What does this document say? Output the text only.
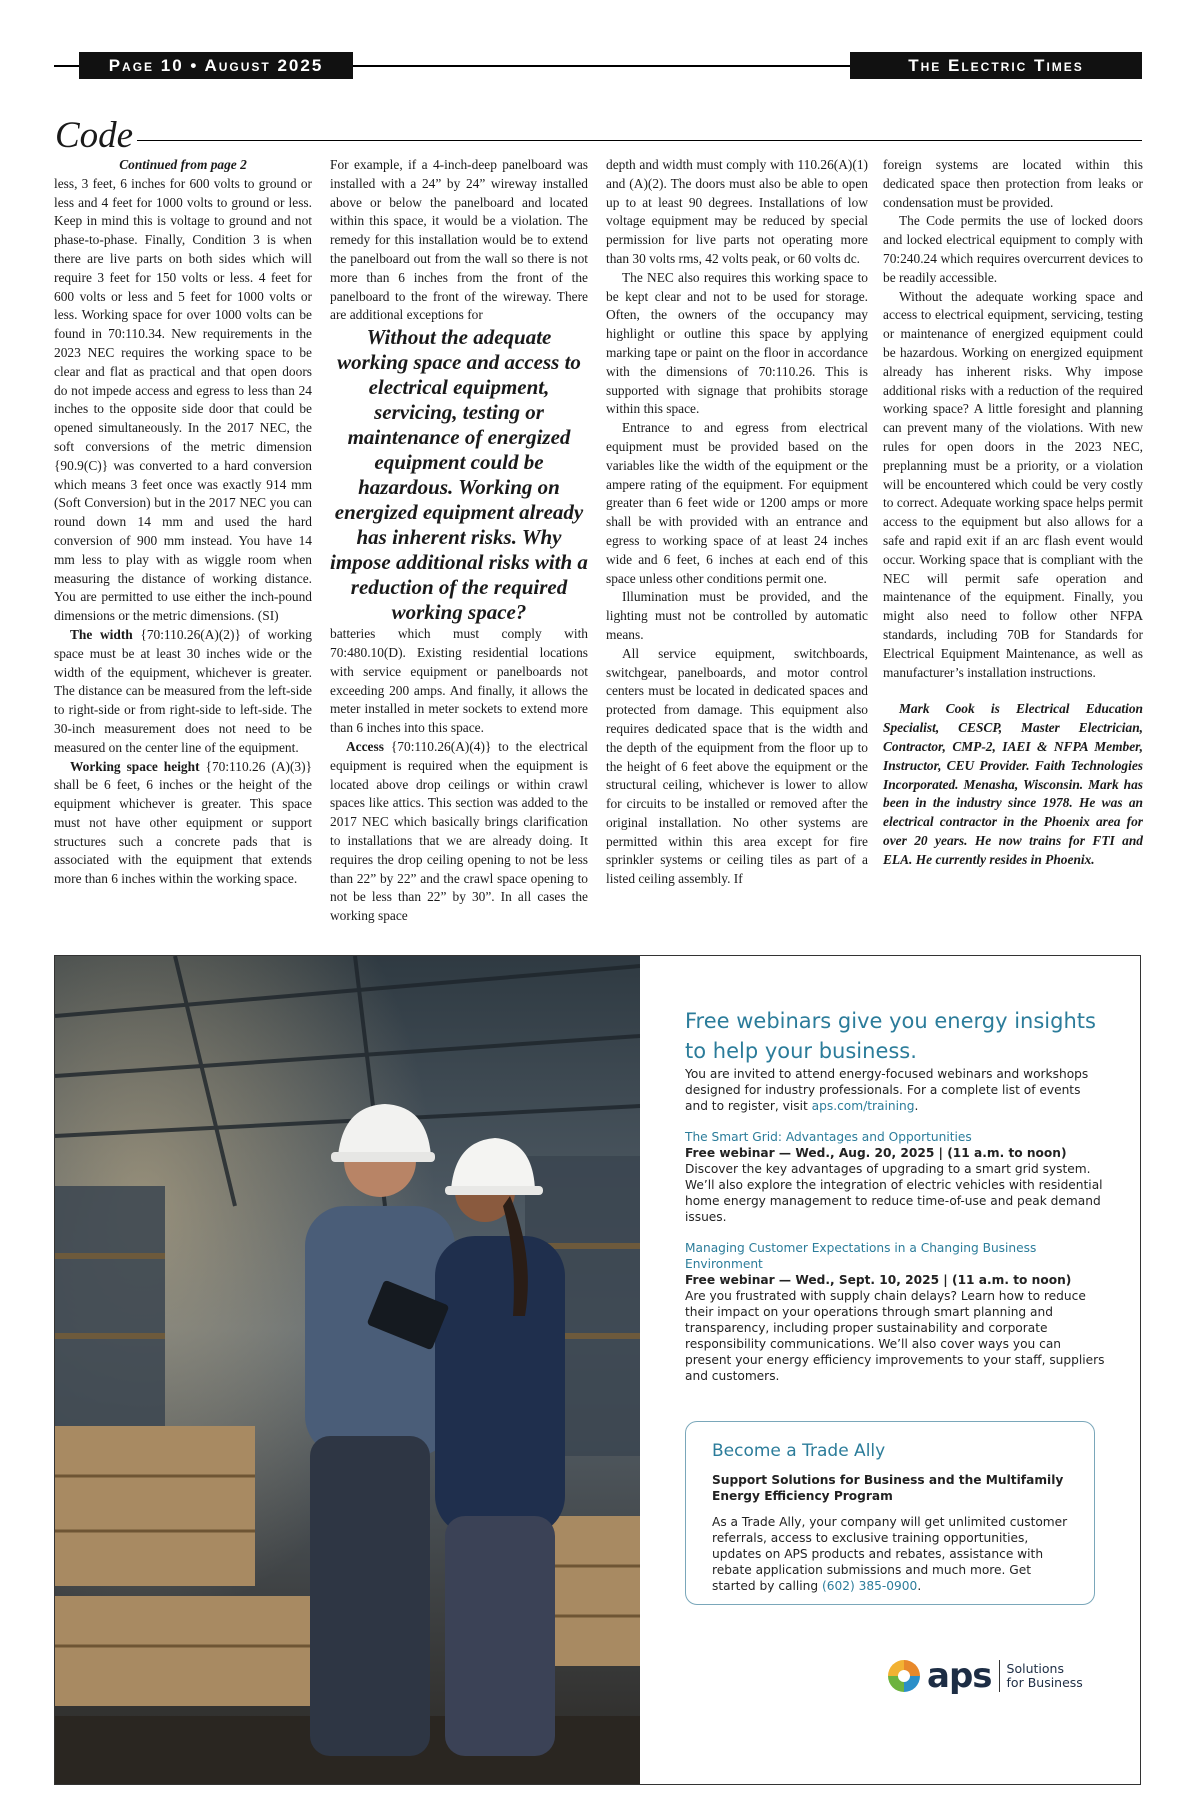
Page 10 • August 2025	The Electric Times
Code

Continued from page 2

less, 3 feet, 6 inches for 600 volts to ground or less and 4 feet for 1000 volts to ground or less. Keep in mind this is voltage to ground and not phase-to-phase. Finally, Condition 3 is when there are live parts on both sides which will require 3 feet for 150 volts or less. 4 feet for 600 volts or less and 5 feet for 1000 volts or less. Working space for over 1000 volts can be found in 70:110.34. New requirements in the 2023 NEC requires the working space to be clear and flat as practical and that open doors do not impede access and egress to less than 24 inches to the opposite side door that could be opened simultaneously. In the 2017 NEC, the soft conversions of the metric dimension {90.9(C)} was converted to a hard conversion which means 3 feet once was exactly 914 mm (Soft Conversion) but in the 2017 NEC you can round down 14 mm and used the hard conversion of 900 mm instead. You have 14 mm less to play with as wiggle room when measuring the distance of working distance. You are permitted to use either the inch-pound dimensions or the metric dimensions. (SI)

The width {70:110.26(A)(2)} of working space must be at least 30 inches wide or the width of the equipment, whichever is greater. The distance can be measured from the left-side to right-side or from right-side to left-side. The 30-inch measurement does not need to be measured on the center line of the equipment.

Working space height {70:110.26 (A)(3)} shall be 6 feet, 6 inches or the height of the equipment whichever is greater. This space must not have other equipment or support structures such a concrete pads that is associated with the equipment that extends more than 6 inches within the working space.

For example, if a 4-inch-deep panelboard was installed with a 24” by 24” wireway installed above or below the panelboard and located within this space, it would be a violation. The remedy for this installation would be to extend the panelboard out from the wall so there is not more than 6 inches from the front of the panelboard to the front of the wireway. There are additional exceptions for

Without the adequate working space and access to electrical equipment, servicing, testing or maintenance of energized equipment could be hazardous. Working on energized equipment already has inherent risks. Why impose additional risks with a reduction of the required working space?

batteries which must comply with 70:480.10(D). Existing residential locations with service equipment or panelboards not exceeding 200 amps. And finally, it allows the meter installed in meter sockets to extend more than 6 inches into this space.

Access {70:110.26(A)(4)} to the electrical equipment is required when the equipment is located above drop ceilings or within crawl spaces like attics. This section was added to the 2017 NEC which basically brings clarification to installations that we are already doing. It requires the drop ceiling opening to not be less than 22” by 22” and the crawl space opening to not be less than 22” by 30”. In all cases the working space

depth and width must comply with 110.26(A)(1) and (A)(2). The doors must also be able to open up to at least 90 degrees. Installations of low voltage equipment may be reduced by special permission for live parts not operating more than 30 volts rms, 42 volts peak, or 60 volts dc.

The NEC also requires this working space to be kept clear and not to be used for storage. Often, the owners of the occupancy may highlight or outline this space by applying marking tape or paint on the floor in accordance with the dimensions of 70:110.26. This is supported with signage that prohibits storage within this space.

Entrance to and egress from electrical equipment must be provided based on the variables like the width of the equipment or the ampere rating of the equipment. For equipment greater than 6 feet wide or 1200 amps or more shall be with provided with an entrance and egress to working space of at least 24 inches wide and 6 feet, 6 inches at each end of this space unless other conditions permit one.

Illumination must be provided, and the lighting must not be controlled by automatic means.

All service equipment, switchboards, switchgear, panelboards, and motor control centers must be located in dedicated spaces and protected from damage. This equipment also requires dedicated space that is the width and the depth of the equipment from the floor up to the height of 6 feet above the equipment or the structural ceiling, whichever is lower to allow for circuits to be installed or removed after the original installation. No other systems are permitted within this area except for fire sprinkler systems or ceiling tiles as part of a listed ceiling assembly. If

foreign systems are located within this dedicated space then protection from leaks or condensation must be provided.

The Code permits the use of locked doors and locked electrical equipment to comply with 70:240.24 which requires overcurrent devices to be readily accessible.

Without the adequate working space and access to electrical equipment, servicing, testing or maintenance of energized equipment could be hazardous. Working on energized equipment already has inherent risks. Why impose additional risks with a reduction of the required working space? A little foresight and planning can prevent many of the violations. With new rules for open doors in the 2023 NEC, preplanning must be a priority, or a violation will be encountered which could be very costly to correct. Adequate working space helps permit access to the equipment but also allows for a safe and rapid exit if an arc flash event would occur. Working space that is compliant with the NEC will permit safe operation and maintenance of the equipment. Finally, you might also need to follow other NFPA standards, including 70B for Standards for Electrical Equipment Maintenance, as well as manufacturer’s installation instructions.

Mark Cook is Electrical Education Specialist, CESCP, Master Electrician, Contractor, CMP-2, IAEI & NFPA Member, Instructor, CEU Provider. Faith Technologies Incorporated. Menasha, Wisconsin. Mark has been in the industry since 1978. He was an electrical contractor in the Phoenix area for over 20 years. He now trains for FTI and ELA. He currently resides in Phoenix.

Free webinars give you energy insights to help your business.

You are invited to attend energy-focused webinars and workshops designed for industry professionals. For a complete list of events and to register, visit aps.com/training.

The Smart Grid: Advantages and Opportunities

Free webinar — Wed., Aug. 20, 2025 | (11 a.m. to noon)

Discover the key advantages of upgrading to a smart grid system. We’ll also explore the integration of electric vehicles with residential home energy management to reduce time-of-use and peak demand issues.

Managing Customer Expectations in a Changing Business Environment

Free webinar — Wed., Sept. 10, 2025 | (11 a.m. to noon)

Are you frustrated with supply chain delays? Learn how to reduce their impact on your operations through smart planning and transparency, including proper sustainability and corporate responsibility communications. We’ll also cover ways you can present your energy efficiency improvements to your staff, suppliers and customers.

Become a Trade Ally

Support Solutions for Business and the Multifamily Energy Efficiency Program

As a Trade Ally, your company will get unlimited customer referrals, access to exclusive training opportunities, updates on APS products and rebates, assistance with rebate application submissions and much more. Get started by calling (602) 385-0900.

aps Solutions
for Business
